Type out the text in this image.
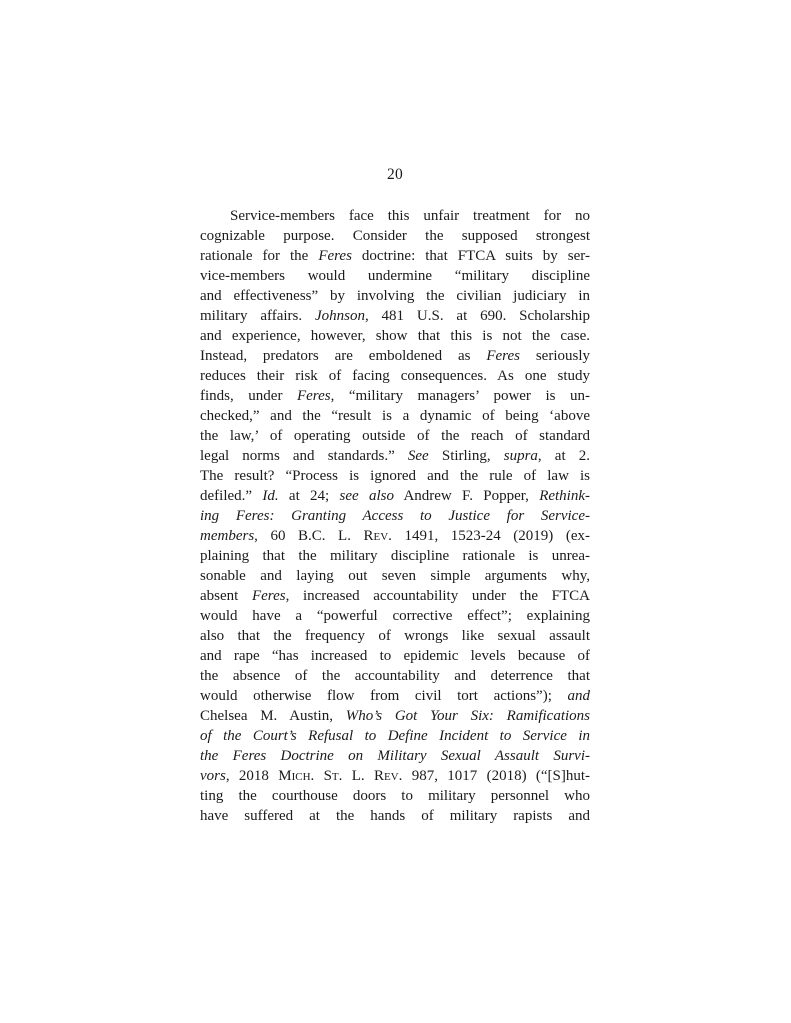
20
Service-members face this unfair treatment for no
cognizable purpose. Consider the supposed strongest
rationale for the Feres doctrine: that FTCA suits by ser-
vice-members would undermine “military discipline
and effectiveness” by involving the civilian judiciary in
military affairs. Johnson, 481 U.S. at 690. Scholarship
and experience, however, show that this is not the case.
Instead, predators are emboldened as Feres seriously
reduces their risk of facing consequences. As one study
finds, under Feres, “military managers’ power is un-
checked,” and the “result is a dynamic of being ‘above
the law,’ of operating outside of the reach of standard
legal norms and standards.” See Stirling, supra, at 2.
The result? “Process is ignored and the rule of law is
defiled.” Id. at 24; see also Andrew F. Popper, Rethink-
ing Feres: Granting Access to Justice for Service-
members, 60 B.C. L. Rev. 1491, 1523-24 (2019) (ex-
plaining that the military discipline rationale is unrea-
sonable and laying out seven simple arguments why,
absent Feres, increased accountability under the FTCA
would have a “powerful corrective effect”; explaining
also that the frequency of wrongs like sexual assault
and rape “has increased to epidemic levels because of
the absence of the accountability and deterrence that
would otherwise flow from civil tort actions”); and
Chelsea M. Austin, Who’s Got Your Six: Ramifications
of the Court’s Refusal to Define Incident to Service in
the Feres Doctrine on Military Sexual Assault Survi-
vors, 2018 Mich. St. L. Rev. 987, 1017 (2018) (“[S]hut-
ting the courthouse doors to military personnel who
have suffered at the hands of military rapists and
